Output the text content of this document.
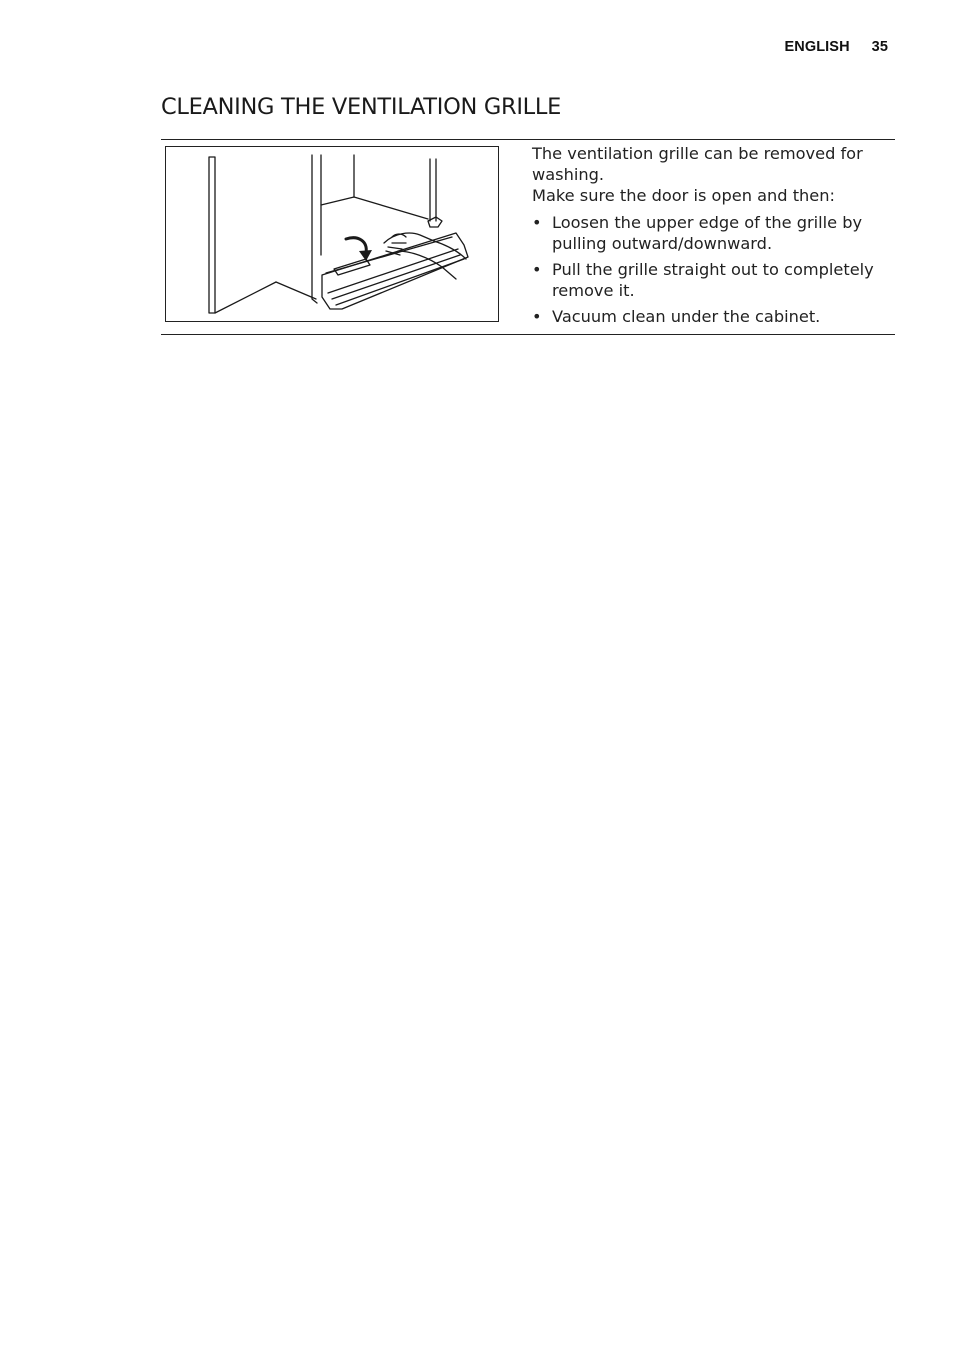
ENGLISH 35
CLEANING THE VENTILATION GRILLE

The ventilation grille can be removed for washing.

Make sure the door is open and then:

• Loosen the upper edge of the grille by pulling outward/downward.
• Pull the grille straight out to completely remove it.
• Vacuum clean under the cabinet.
